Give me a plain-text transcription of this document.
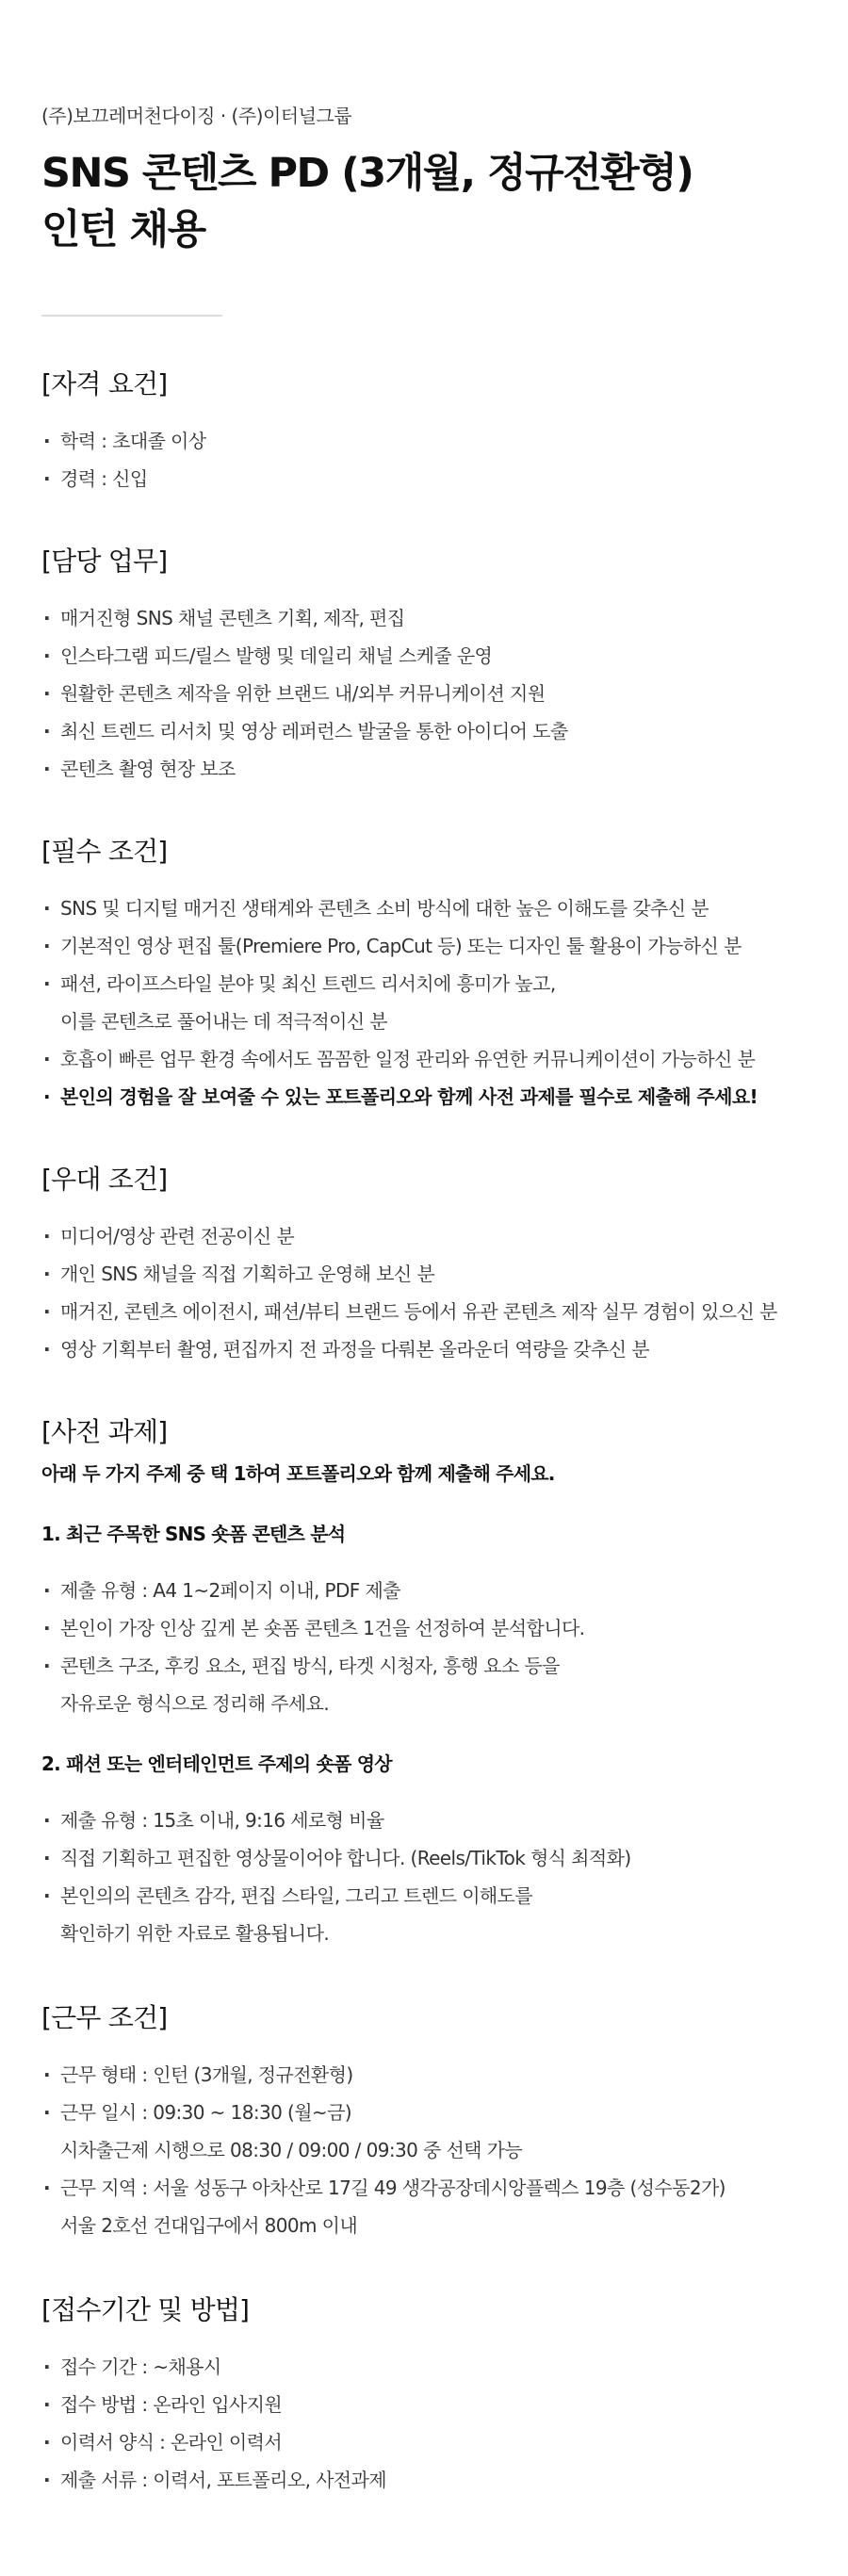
(주)보끄레머천다이징 · (주)이터널그룹

SNS 콘텐츠 PD (3개월, 정규전환형)
인턴 채용
[자격 요건]
· 학력 : 초대졸 이상
· 경력 : 신입
[담당 업무]
· 매거진형 SNS 채널 콘텐츠 기획, 제작, 편집
· 인스타그램 피드/릴스 발행 및 데일리 채널 스케줄 운영
· 원활한 콘텐츠 제작을 위한 브랜드 내/외부 커뮤니케이션 지원
· 최신 트렌드 리서치 및 영상 레퍼런스 발굴을 통한 아이디어 도출
· 콘텐츠 촬영 현장 보조
[필수 조건]
· SNS 및 디지털 매거진 생태계와 콘텐츠 소비 방식에 대한 높은 이해도를 갖추신 분
· 기본적인 영상 편집 툴(Premiere Pro, CapCut 등) 또는 디자인 툴 활용이 가능하신 분
· 패션, 라이프스타일 분야 및 최신 트렌드 리서치에 흥미가 높고,
이를 콘텐츠로 풀어내는 데 적극적이신 분
· 호흡이 빠른 업무 환경 속에서도 꼼꼼한 일정 관리와 유연한 커뮤니케이션이 가능하신 분
· 본인의 경험을 잘 보여줄 수 있는 포트폴리오와 함께 사전 과제를 필수로 제출해 주세요!
[우대 조건]
· 미디어/영상 관련 전공이신 분
· 개인 SNS 채널을 직접 기획하고 운영해 보신 분
· 매거진, 콘텐츠 에이전시, 패션/뷰티 브랜드 등에서 유관 콘텐츠 제작 실무 경험이 있으신 분
· 영상 기획부터 촬영, 편집까지 전 과정을 다뤄본 올라운더 역량을 갖추신 분
[사전 과제]

아래 두 가지 주제 중 택 1하여 포트폴리오와 함께 제출해 주세요.

1. 최근 주목한 SNS 숏폼 콘텐츠 분석

· 제출 유형 : A4 1~2페이지 이내, PDF 제출
· 본인이 가장 인상 깊게 본 숏폼 콘텐츠 1건을 선정하여 분석합니다.
· 콘텐츠 구조, 후킹 요소, 편집 방식, 타겟 시청자, 흥행 요소 등을
자유로운 형식으로 정리해 주세요.

2. 패션 또는 엔터테인먼트 주제의 숏폼 영상

· 제출 유형 : 15초 이내, 9:16 세로형 비율
· 직접 기획하고 편집한 영상물이어야 합니다. (Reels/TikTok 형식 최적화)
· 본인의의 콘텐츠 감각, 편집 스타일, 그리고 트렌드 이해도를
확인하기 위한 자료로 활용됩니다.
[근무 조건]
· 근무 형태 : 인턴 (3개월, 정규전환형)
· 근무 일시 : 09:30 ~ 18:30 (월~금)
시차출근제 시행으로 08:30 / 09:00 / 09:30 중 선택 가능
· 근무 지역 : 서울 성동구 아차산로 17길 49 생각공장데시앙플렉스 19층 (성수동2가)
서울 2호선 건대입구에서 800m 이내
[접수기간 및 방법]
· 접수 기간 : ~채용시
· 접수 방법 : 온라인 입사지원
· 이력서 양식 : 온라인 이력서
· 제출 서류 : 이력서, 포트폴리오, 사전과제
